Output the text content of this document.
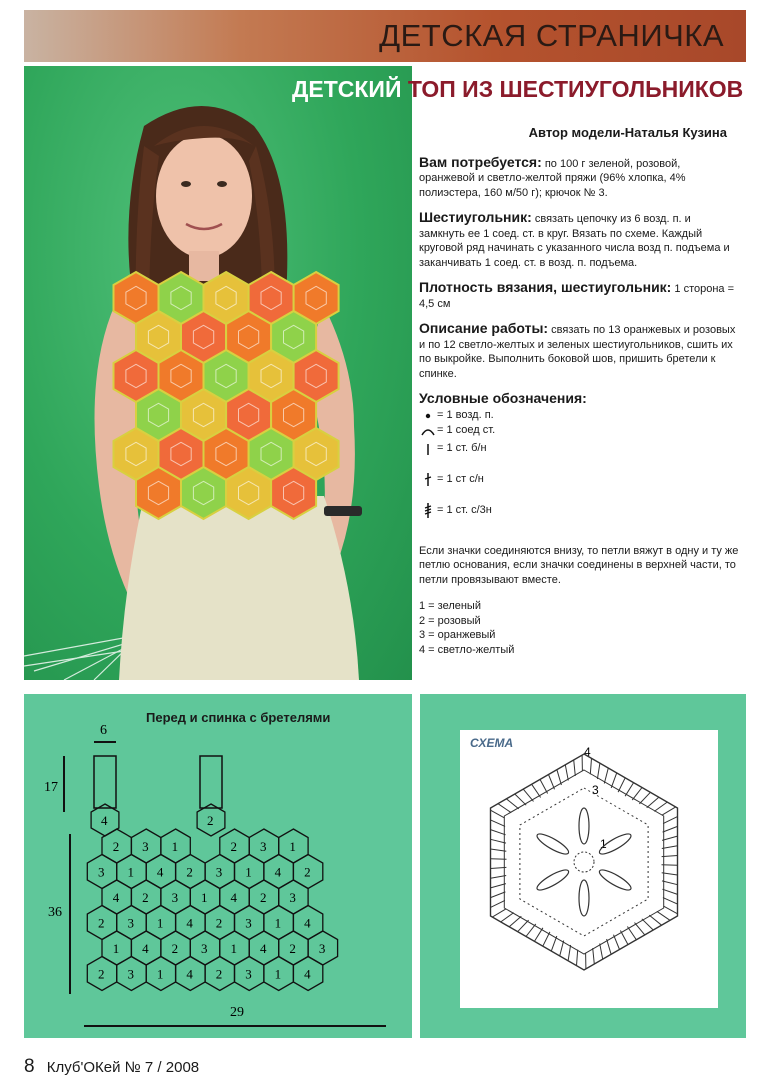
ДЕТСКАЯ СТРАНИЧКА
ДЕТСКИЙ ТОП ИЗ ШЕСТИУГОЛЬНИКОВ
Автор модели-Наталья Кузина
Вам потребуется: по 100 г зеленой, розовой, оранжевой и светло-желтой пряжи (96% хлопка, 4% полиэстера, 160 м/50 г); крючок № 3.
Шестиугольник: связать цепочку из 6 возд. п. и замкнуть ее 1 соед. ст. в круг. Вязать по схеме. Каждый круговой ряд начинать с указанного числа возд п. подъема и заканчивать 1 соед. ст. в возд. п. подъема.
Плотность вязания, шестиугольник: 1 сторона = 4,5 см
Описание работы: связать по 13 оранжевых и розовых и по 12 светло-желтых и зеленых шестиугольников, сшить их по выкройке. Выполнить боковой шов, пришить бретели к спинке.
Условные обозначения:
= 1 возд. п.
= 1 соед ст.
= 1 ст. б/н
= 1 ст с/н
= 1 ст. с/3н
Если значки соединяются внизу, то петли вяжут в одну и ту же петлю основания, если значки соединены в верхней части, то петли провязывают вместе.
1 = зеленый
2 = розовый
3 = оранжевый
4 = светло-желтый
Перед и спинка с бретелями
6
17
36
29
2 3 1	2 3 1
3 1 4 2 3 1 4 2
4 2 3 1 4 2 3
2 3 1 4 2 3 1 4
1 4 2 3 1 4 2 3
2 3 1 4 2 3 1 4
4	2
СХЕМА
4
3
1
8 Клуб'ОКей № 7 / 2008
